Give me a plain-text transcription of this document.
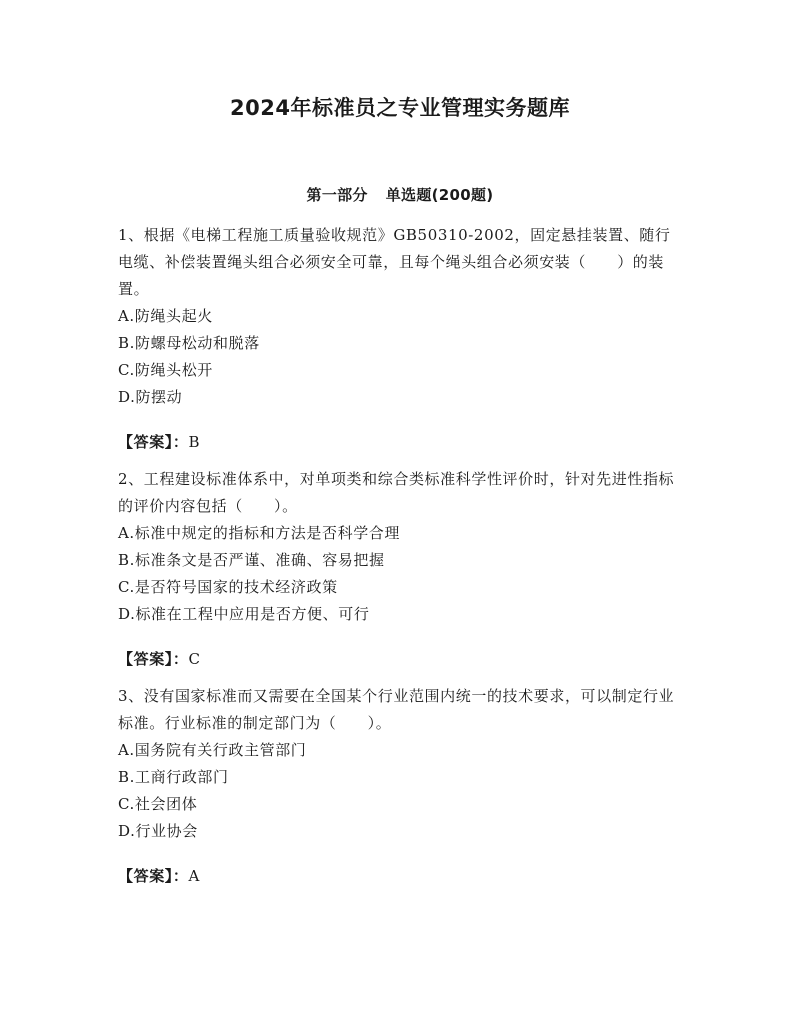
2024年标准员之专业管理实务题库
第一部分 单选题(200题)

1、根据《电梯工程施工质量验收规范》GB50310-2002，固定悬挂装置、随行电缆、补偿装置绳头组合必须安全可靠，且每个绳头组合必须安装（　　）的装置。

A.防绳头起火

B.防螺母松动和脱落

C.防绳头松开

D.防摆动

【答案】：B

2、工程建设标准体系中，对单项类和综合类标准科学性评价时，针对先进性指标的评价内容包括（　　）。

A.标准中规定的指标和方法是否科学合理

B.标准条文是否严谨、准确、容易把握

C.是否符号国家的技术经济政策

D.标准在工程中应用是否方便、可行

【答案】：C

3、没有国家标准而又需要在全国某个行业范围内统一的技术要求，可以制定行业标准。行业标准的制定部门为（　　）。

A.国务院有关行政主管部门

B.工商行政部门

C.社会团体

D.行业协会

【答案】：A
